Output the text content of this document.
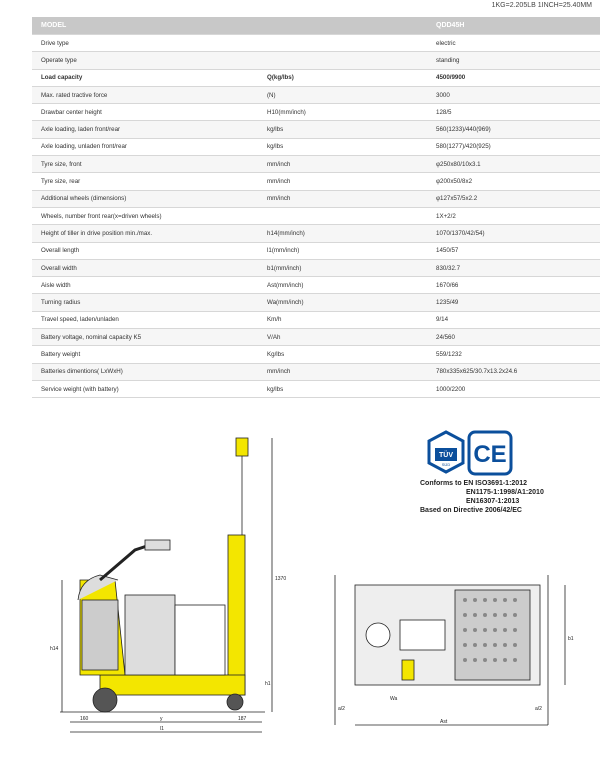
1KG=2.205LB 1INCH=25.40MM
MODEL		QDD45H
Drive type		electric
Operate type		standing
Load capacity	Q(kg/lbs)	4500/9900
Max. rated tractive force	(N)	3000
Drawbar center height	H10(mm/inch)	128/5
Axle loading, laden front/rear	kg/lbs	560(1233)/440(969)
Axle loading, unladen front/rear	kg/lbs	580(1277)/420(925)
Tyre size, front	mm/inch	φ250x80/10x3.1
Tyre size, rear	mm/inch	φ200x50/8x2
Additional wheels (dimensions)	mm/inch	φ127x57/5x2.2
Wheels, number front rear(x=driven wheels)		1X+2/2
Height of tiller in drive position min./max.	h14(mm/inch)	1070/1370/42/54)
Overall length	l1(mm/inch)	1450/57
Overall width	b1(mm/inch)	830/32.7
Aisle width	Ast(mm/inch)	1670/66
Turning radius	Wa(mm/inch)	1235/49
Travel speed, laden/unladen	Km/h	9/14
Battery voltage, nominal capacity K5	V/Ah	24/560
Battery weight	Kg/lbs	559/1232
Batteries dimentions( LxWxH)	mm/inch	780x335x625/30.7x13.2x24.6
Service weight (with battery)	kg/lbs	1000/2200
TÜV
SÜD CE
Conforms to EN ISO3691-1:2012
EN1175-1:1998/A1:2010
EN16307-1:2013
Based on Directive 2006/42/EC
h14
1370
h1
160	y	187
l1
b1
Wa
Ast
a/2	a/2
